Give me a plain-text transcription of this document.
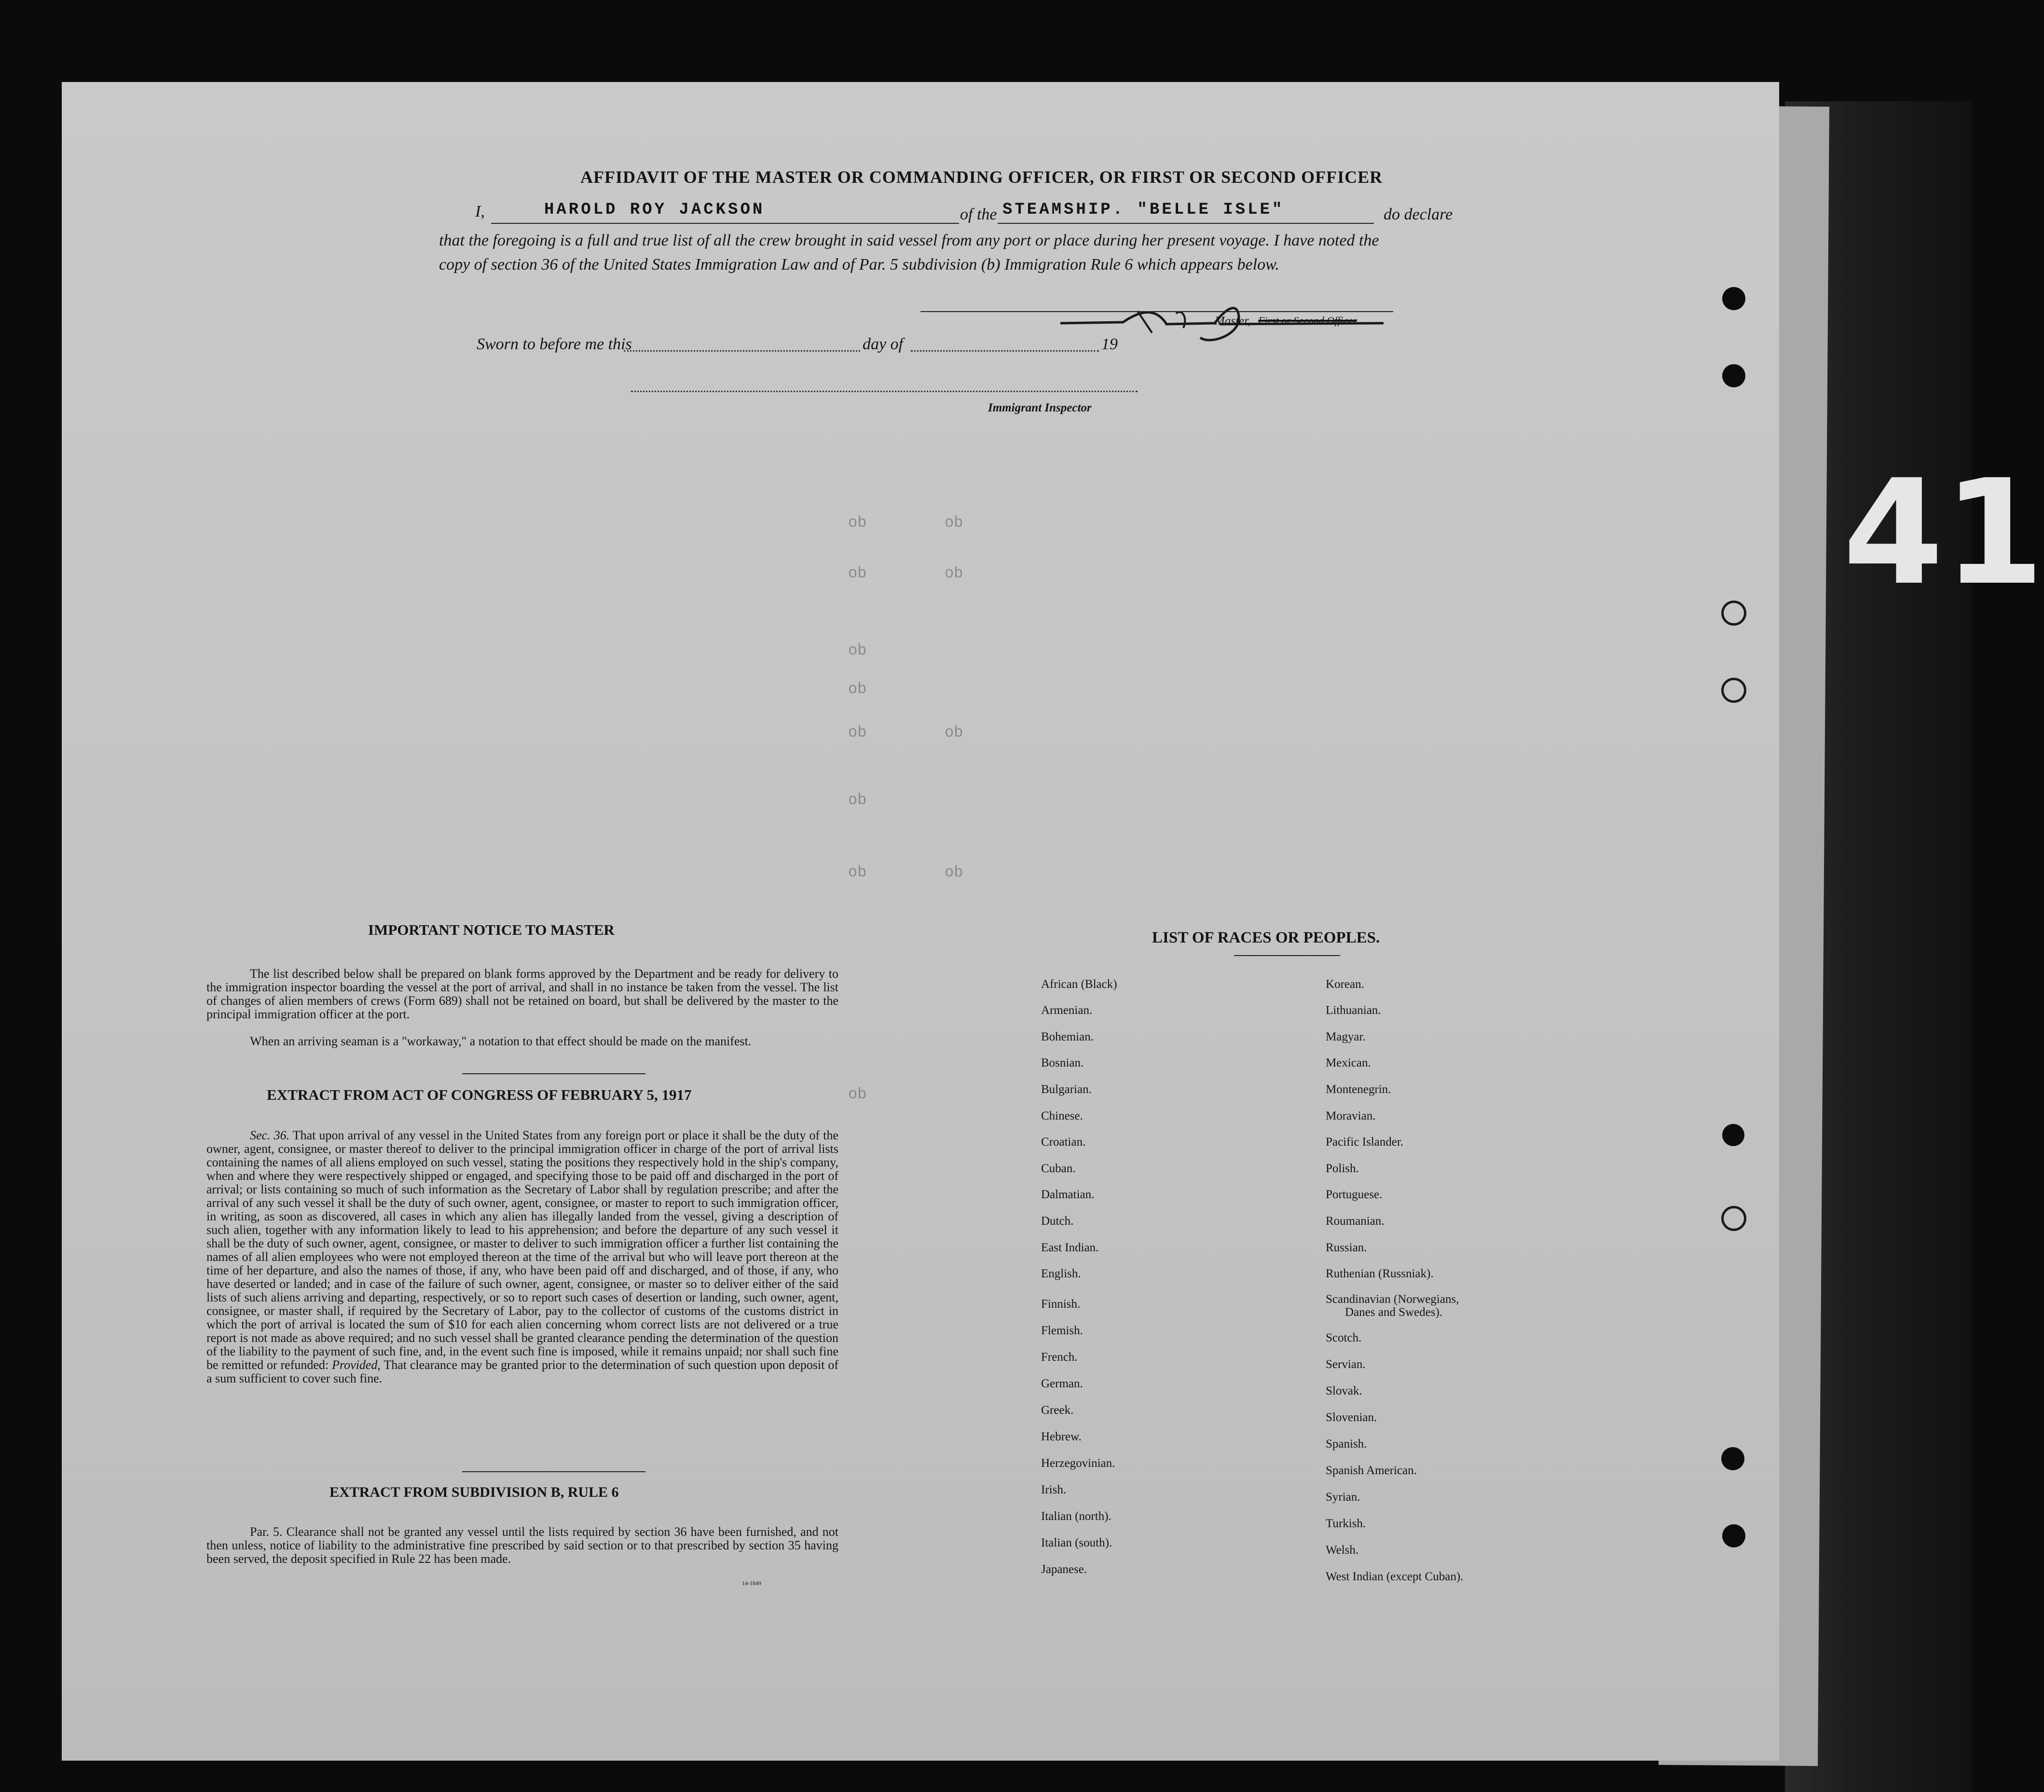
AFFIDAVIT OF THE MASTER OR COMMANDING OFFICER, OR FIRST OR SECOND OFFICER
I,	HAROLD ROY JACKSON	of the STEAMSHIP. "BELLE ISLE"	do declare
that the foregoing is a full and true list of all the crew brought in said vessel from any port or place during her present voyage. I have noted the
copy of section 36 of the United States Immigration Law and of Par. 5 subdivision (b) Immigration Rule 6 which appears below.
Master, First or Second Officer
Sworn to before me this	day of	19
Immigrant Inspector
do	do
do	do
do
do
do	do
do
do	do
do
IMPORTANT NOTICE TO MASTER
The list described below shall be prepared on blank forms approved by the Department and be ready for delivery to the immigration inspector boarding the vessel at the port of arrival, and shall in no instance be taken from the vessel. The list of changes of alien members of crews (Form 689) shall not be retained on board, but shall be delivered by the master to the principal immigration officer at the port.
When an arriving seaman is a "workaway," a notation to that effect should be made on the manifest.
EXTRACT FROM ACT OF CONGRESS OF FEBRUARY 5, 1917
Sec. 36. That upon arrival of any vessel in the United States from any foreign port or place it shall be the duty of the owner, agent, consignee, or master thereof to deliver to the principal immigration officer in charge of the port of arrival lists containing the names of all aliens employed on such vessel, stating the positions they respectively hold in the ship's company, when and where they were respectively shipped or engaged, and specifying those to be paid off and discharged in the port of arrival; or lists containing so much of such information as the Secretary of Labor shall by regulation prescribe; and after the arrival of any such vessel it shall be the duty of such owner, agent, consignee, or master to report to such immigration officer, in writing, as soon as discovered, all cases in which any alien has illegally landed from the vessel, giving a description of such alien, together with any information likely to lead to his apprehension; and before the departure of any such vessel it shall be the duty of such owner, agent, consignee, or master to deliver to such immigration officer a further list containing the names of all alien employees who were not employed thereon at the time of the arrival but who will leave port thereon at the time of her departure, and also the names of those, if any, who have been paid off and discharged, and of those, if any, who have deserted or landed; and in case of the failure of such owner, agent, consignee, or master so to deliver either of the said lists of such aliens arriving and departing, respectively, or so to report such cases of desertion or landing, such owner, agent, consignee, or master shall, if required by the Secretary of Labor, pay to the collector of customs of the customs district in which the port of arrival is located the sum of $10 for each alien concerning whom correct lists are not delivered or a true report is not made as above required; and no such vessel shall be granted clearance pending the determination of the question of the liability to the payment of such fine, and, in the event such fine is imposed, while it remains unpaid; nor shall such fine be remitted or refunded: Provided, That clearance may be granted prior to the determination of such question upon deposit of a sum sufficient to cover such fine.
EXTRACT FROM SUBDIVISION B, RULE 6
Par. 5. Clearance shall not be granted any vessel until the lists required by section 36 have been furnished, and not then unless, notice of liability to the administrative fine prescribed by said section or to that prescribed by section 35 having been served, the deposit specified in Rule 22 has been made.
14-1849
LIST OF RACES OR PEOPLES.
African (Black)
Armenian.
Bohemian.
Bosnian.
Bulgarian.
Chinese.
Croatian.
Cuban.
Dalmatian.
Dutch.
East Indian.
English.
Finnish.
Flemish.
French.
German.
Greek.
Hebrew.
Herzegovinian.
Irish.
Italian (north).
Italian (south).
Japanese.
Korean.
Lithuanian.
Magyar.
Mexican.
Montenegrin.
Moravian.
Pacific Islander.
Polish.
Portuguese.
Roumanian.
Russian.
Ruthenian (Russniak).
Scandinavian (Norwegians,
Danes and Swedes).
Scotch.
Servian.
Slovak.
Slovenian.
Spanish.
Spanish American.
Syrian.
Turkish.
Welsh.
West Indian (except Cuban).
41
